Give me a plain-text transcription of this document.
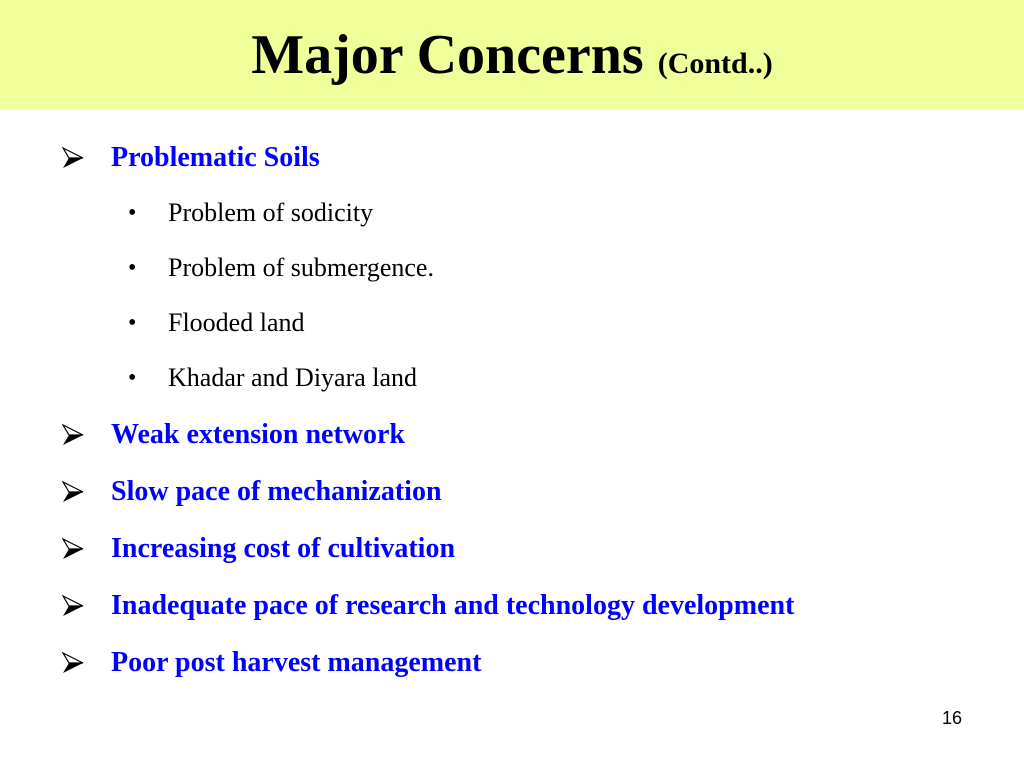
Major Concerns (Contd..)
Problematic Soils
• Problem of sodicity
• Problem of submergence.
• Flooded land
• Khadar and Diyara land
Weak extension network
Slow pace of mechanization
Increasing cost of cultivation
Inadequate pace of research and technology development
Poor post harvest management
16
